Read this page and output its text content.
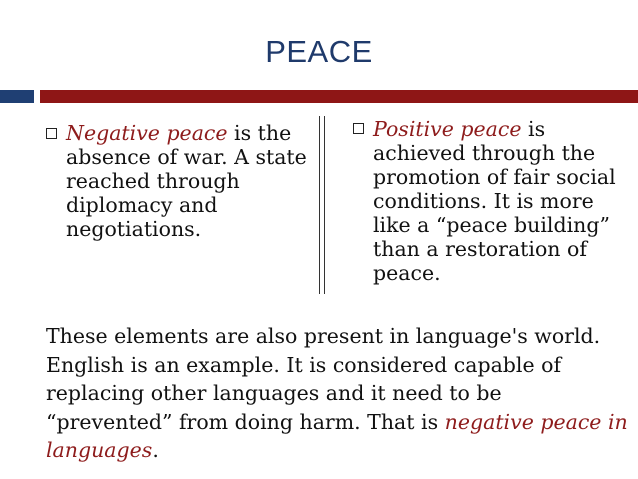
PEACE
Negative peace is the absence of war. A state reached through diplomacy and negotiations.
Positive peace is achieved through the promotion of fair social conditions. It is more like a “peace building” than a restoration of peace.
These elements are also present in language's world. English is an example. It is considered capable of replacing other languages and it need to be “prevented” from doing harm. That is negative peace in languages.
